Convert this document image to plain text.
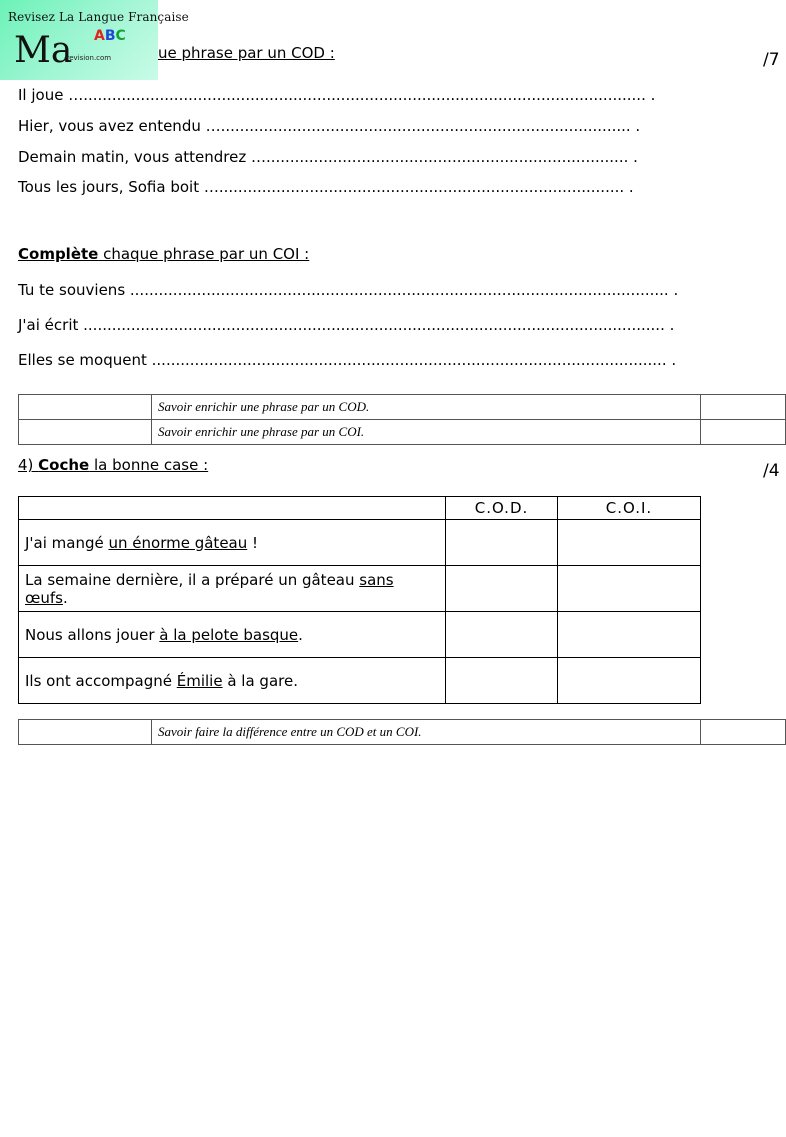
Revisez La Langue Française
Ma ABC
-revision.com	ue phrase par un COD :	/7
Il joue …...................................................................................................................... .
Hier, vous avez entendu …...................................................................................... .
Demain matin, vous attendrez …............................................................................ .
Tous les jours, Sofia boit …..................................................................................... .
Complète chaque phrase par un COI :
Tu te souviens ................................................................................................................. .
J'ai écrit .......................................................................................................................... .
Elles se moquent ............................................................................................................ .
	Savoir enrichir une phrase par un COD.	
	Savoir enrichir une phrase par un COI.	
4) Coche la bonne case :	/4
	C.O.D.	C.O.I.
J'ai mangé un énorme gâteau !		
La semaine dernière, il a préparé un gâteau sans œufs.		
Nous allons jouer à la pelote basque.		
Ils ont accompagné Émilie à la gare.		
	Savoir faire la différence entre un COD et un COI.	
